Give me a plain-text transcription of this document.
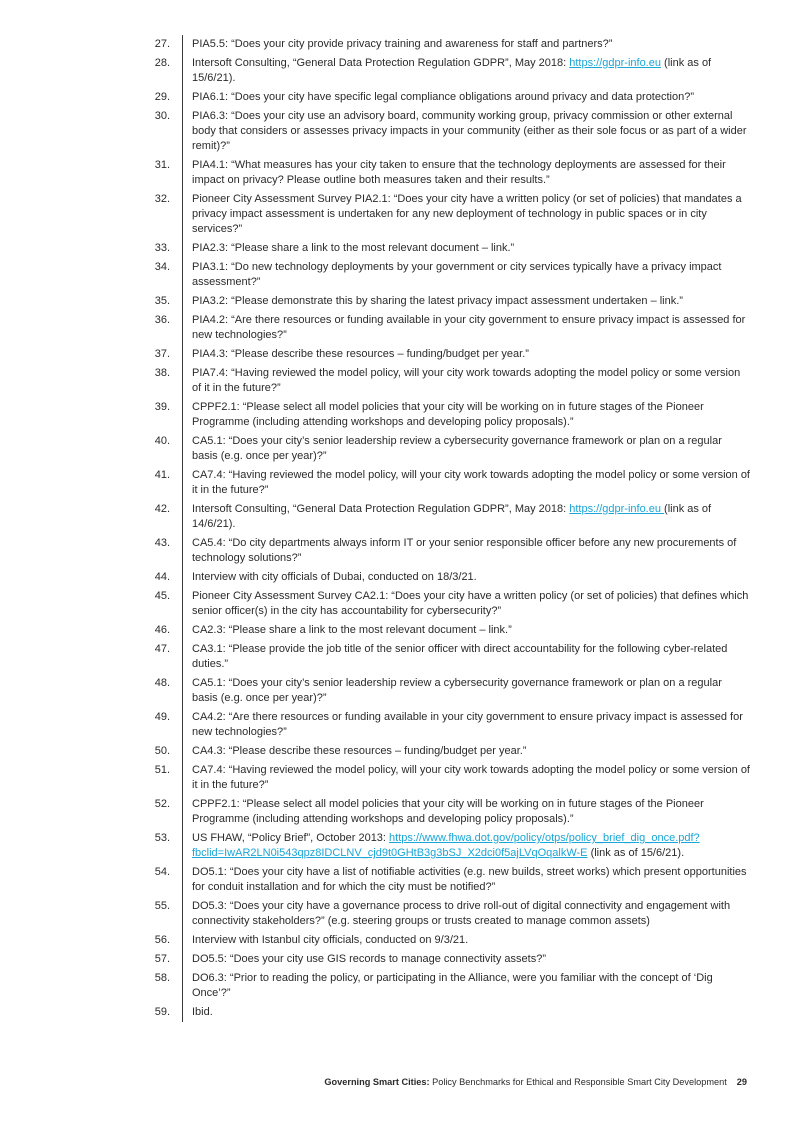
27.	PIA5.5: “Does your city provide privacy training and awareness for staff and partners?”
28.	Intersoft Consulting, “General Data Protection Regulation GDPR”, May 2018: https://gdpr-info.eu (link as of 15/6/21).
29.	PIA6.1: “Does your city have specific legal compliance obligations around privacy and data protection?”
30.	PIA6.3: “Does your city use an advisory board, community working group, privacy commission or other external body that considers or assesses privacy impacts in your community (either as their sole focus or as part of a wider remit)?”
31.	PIA4.1: “What measures has your city taken to ensure that the technology deployments are assessed for their impact on privacy? Please outline both measures taken and their results.”
32.	Pioneer City Assessment Survey PIA2.1: “Does your city have a written policy (or set of policies) that mandates a privacy impact assessment is undertaken for any new deployment of technology in public spaces or in city services?”
33.	PIA2.3: “Please share a link to the most relevant document – link.”
34.	PIA3.1: “Do new technology deployments by your government or city services typically have a privacy impact assessment?”
35.	PIA3.2: “Please demonstrate this by sharing the latest privacy impact assessment undertaken – link.”
36.	PIA4.2: “Are there resources or funding available in your city government to ensure privacy impact is assessed for new technologies?”
37.	PIA4.3: “Please describe these resources – funding/budget per year.”
38.	PIA7.4: “Having reviewed the model policy, will your city work towards adopting the model policy or some version of it in the future?”
39.	CPPF2.1: “Please select all model policies that your city will be working on in future stages of the Pioneer Programme (including attending workshops and developing policy proposals).”
40.	CA5.1: “Does your city’s senior leadership review a cybersecurity governance framework or plan on a regular basis (e.g. once per year)?”
41.	CA7.4: “Having reviewed the model policy, will your city work towards adopting the model policy or some version of it in the future?”
42.	Intersoft Consulting, “General Data Protection Regulation GDPR”, May 2018: https://gdpr-info.eu (link as of 14/6/21).
43.	CA5.4: “Do city departments always inform IT or your senior responsible officer before any new procurements of technology solutions?”
44.	Interview with city officials of Dubai, conducted on 18/3/21.
45.	Pioneer City Assessment Survey CA2.1: “Does your city have a written policy (or set of policies) that defines which senior officer(s) in the city has accountability for cybersecurity?”
46.	CA2.3: “Please share a link to the most relevant document – link.”
47.	CA3.1: “Please provide the job title of the senior officer with direct accountability for the following cyber-related duties.”
48.	CA5.1: “Does your city’s senior leadership review a cybersecurity governance framework or plan on a regular basis (e.g. once per year)?”
49.	CA4.2: “Are there resources or funding available in your city government to ensure privacy impact is assessed for new technologies?”
50.	CA4.3: “Please describe these resources – funding/budget per year.”
51.	CA7.4: “Having reviewed the model policy, will your city work towards adopting the model policy or some version of it in the future?”
52.	CPPF2.1: “Please select all model policies that your city will be working on in future stages of the Pioneer Programme (including attending workshops and developing policy proposals).”
53.	US FHAW, “Policy Brief”, October 2013: https://www.fhwa.dot.gov/policy/otps/policy_brief_dig_once.pdf?fbclid=IwAR2LN0i543qpz8IDCLNV_cjd9t0GHtB3g3bSJ_X2dci0f5ajLVqOqalkW-E (link as of 15/6/21).
54.	DO5.1: “Does your city have a list of notifiable activities (e.g. new builds, street works) which present opportunities for conduit installation and for which the city must be notified?”
55.	DO5.3: “Does your city have a governance process to drive roll-out of digital connectivity and engagement with connectivity stakeholders?” (e.g. steering groups or trusts created to manage common assets)
56.	Interview with Istanbul city officials, conducted on 9/3/21.
57.	DO5.5: “Does your city use GIS records to manage connectivity assets?”
58.	DO6.3: “Prior to reading the policy, or participating in the Alliance, were you familiar with the concept of ‘Dig Once’?”
59.	Ibid.
Governing Smart Cities: Policy Benchmarks for Ethical and Responsible Smart City Development 29
